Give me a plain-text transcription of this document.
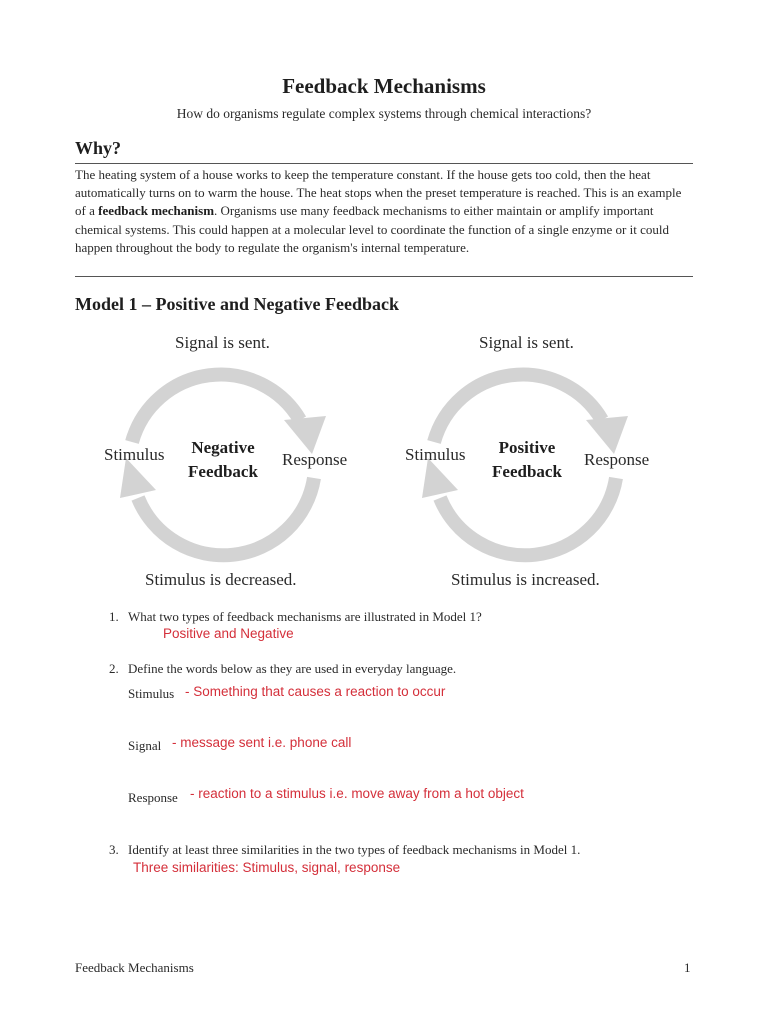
Feedback Mechanisms
How do organisms regulate complex systems through chemical interactions?
Why?
The heating system of a house works to keep the temperature constant. If the house gets too cold, then the heat automatically turns on to warm the house. The heat stops when the preset temperature is reached. This is an example of a feedback mechanism. Organisms use many feedback mechanisms to either maintain or amplify important chemical systems. This could happen at a molecular level to coordinate the function of a single enzyme or it could happen throughout the body to regulate the organism's internal temperature.
Model 1 – Positive and Negative Feedback
Signal is sent.
Stimulus	Response
Negative
Feedback
Stimulus is decreased.
Signal is sent.
Stimulus	Response
Positive
Feedback
Stimulus is increased.
1. What two types of feedback mechanisms are illustrated in Model 1?
Positive and Negative
2. Define the words below as they are used in everyday language.
Stimulus - Something that causes a reaction to occur
Signal - message sent i.e. phone call
Response - reaction to a stimulus i.e. move away from a hot object
3. Identify at least three similarities in the two types of feedback mechanisms in Model 1.
Three similarities: Stimulus, signal, response
Feedback Mechanisms	1
